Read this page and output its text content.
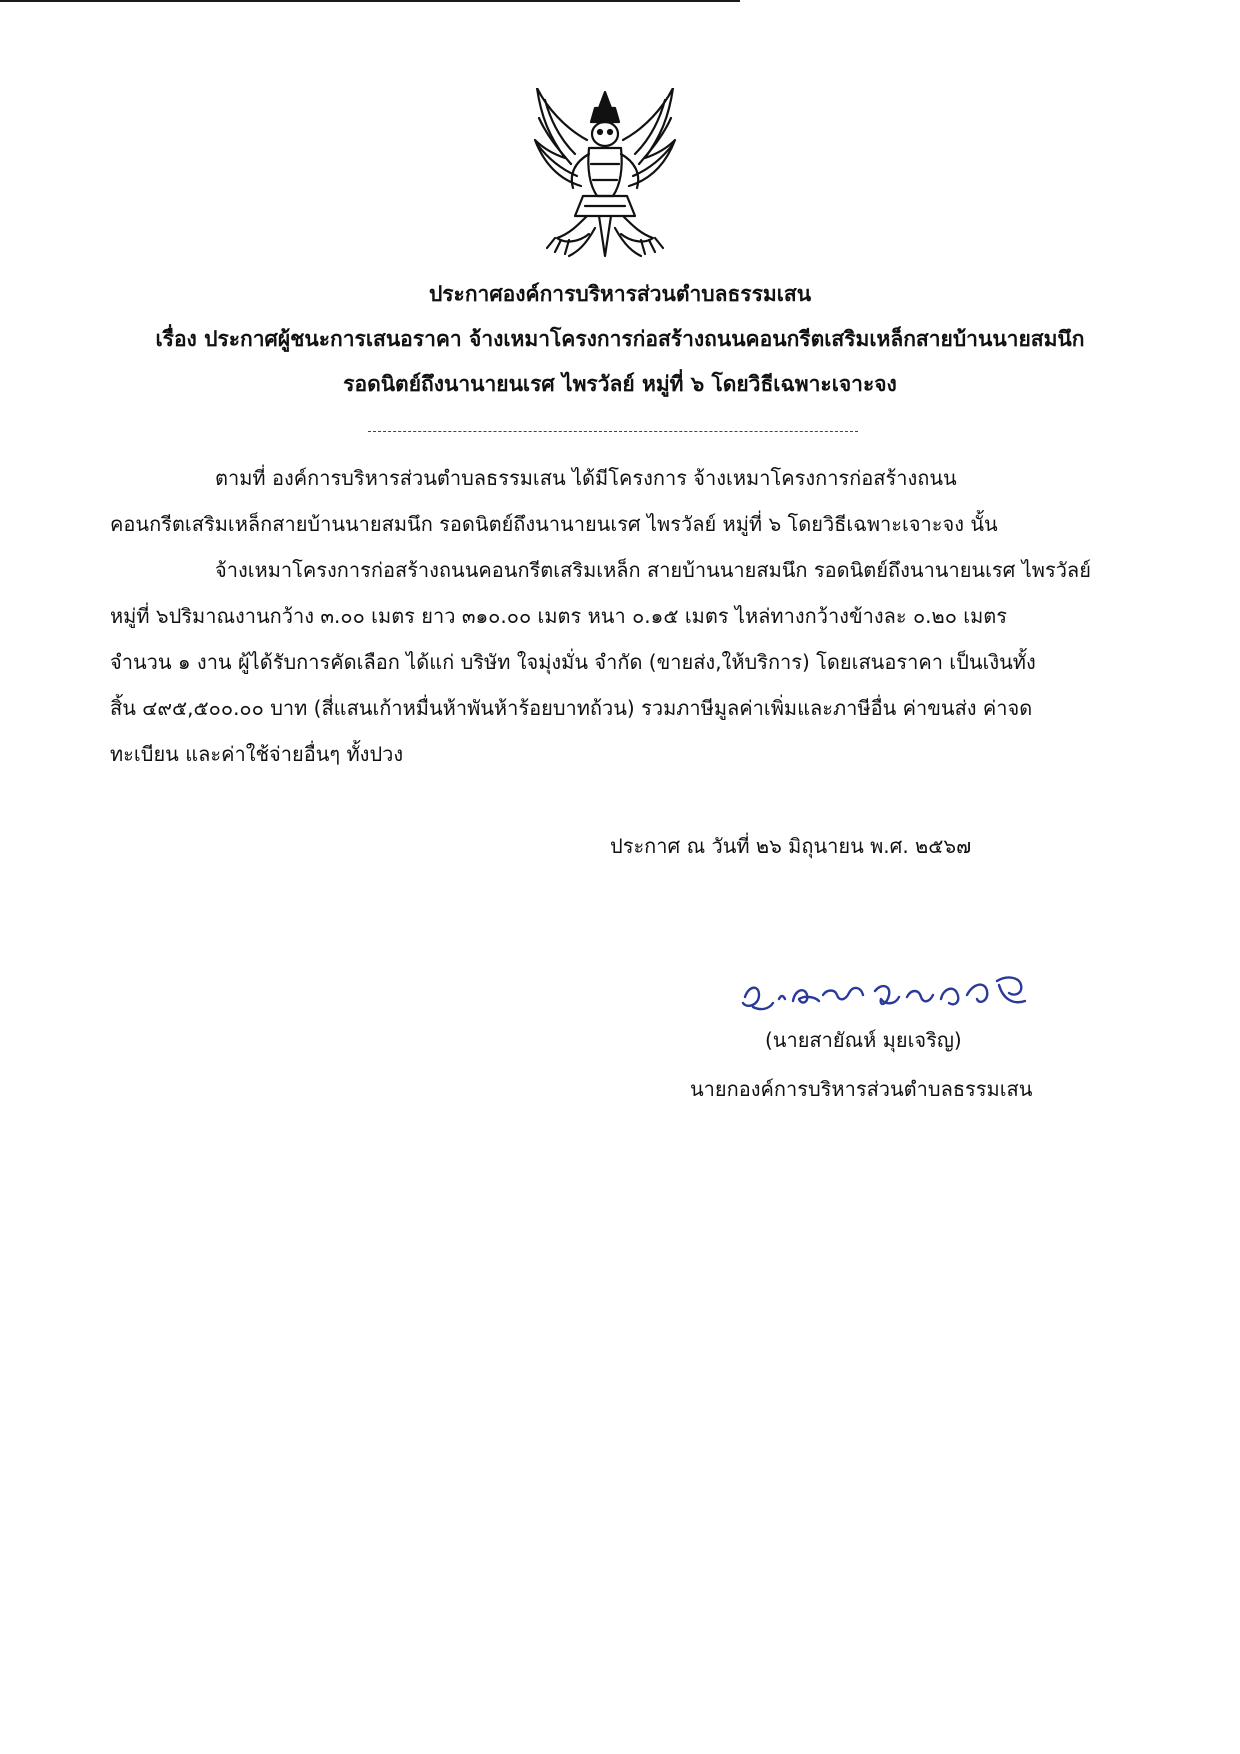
ประกาศองค์การบริหารส่วนตำบลธรรมเสน
เรื่อง ประกาศผู้ชนะการเสนอราคา จ้างเหมาโครงการก่อสร้างถนนคอนกรีตเสริมเหล็กสายบ้านนายสมนึก
รอดนิตย์ถึงนานายนเรศ ไพรวัลย์ หมู่ที่ ๖ โดยวิธีเฉพาะเจาะจง
ตามที่ องค์การบริหารส่วนตำบลธรรมเสน ได้มีโครงการ จ้างเหมาโครงการก่อสร้างถนน
คอนกรีตเสริมเหล็กสายบ้านนายสมนึก รอดนิตย์ถึงนานายนเรศ ไพรวัลย์ หมู่ที่ ๖ โดยวิธีเฉพาะเจาะจง นั้น
จ้างเหมาโครงการก่อสร้างถนนคอนกรีตเสริมเหล็ก สายบ้านนายสมนึก รอดนิตย์ถึงนานายนเรศ ไพรวัลย์
หมู่ที่ ๖ปริมาณงานกว้าง ๓.๐๐ เมตร ยาว ๓๑๐.๐๐ เมตร หนา ๐.๑๕ เมตร ไหล่ทางกว้างข้างละ ๐.๒๐ เมตร
จำนวน ๑ งาน ผู้ได้รับการคัดเลือก ได้แก่ บริษัท ใจมุ่งมั่น จำกัด (ขายส่ง,ให้บริการ) โดยเสนอราคา เป็นเงินทั้ง
สิ้น ๔๙๕,๕๐๐.๐๐ บาท (สี่แสนเก้าหมื่นห้าพันห้าร้อยบาทถ้วน) รวมภาษีมูลค่าเพิ่มและภาษีอื่น ค่าขนส่ง ค่าจด
ทะเบียน และค่าใช้จ่ายอื่นๆ ทั้งปวง
ประกาศ ณ วันที่ ๒๖ มิถุนายน พ.ศ. ๒๕๖๗
(นายสายัณห์ มุยเจริญ)
นายกองค์การบริหารส่วนตำบลธรรมเสน
